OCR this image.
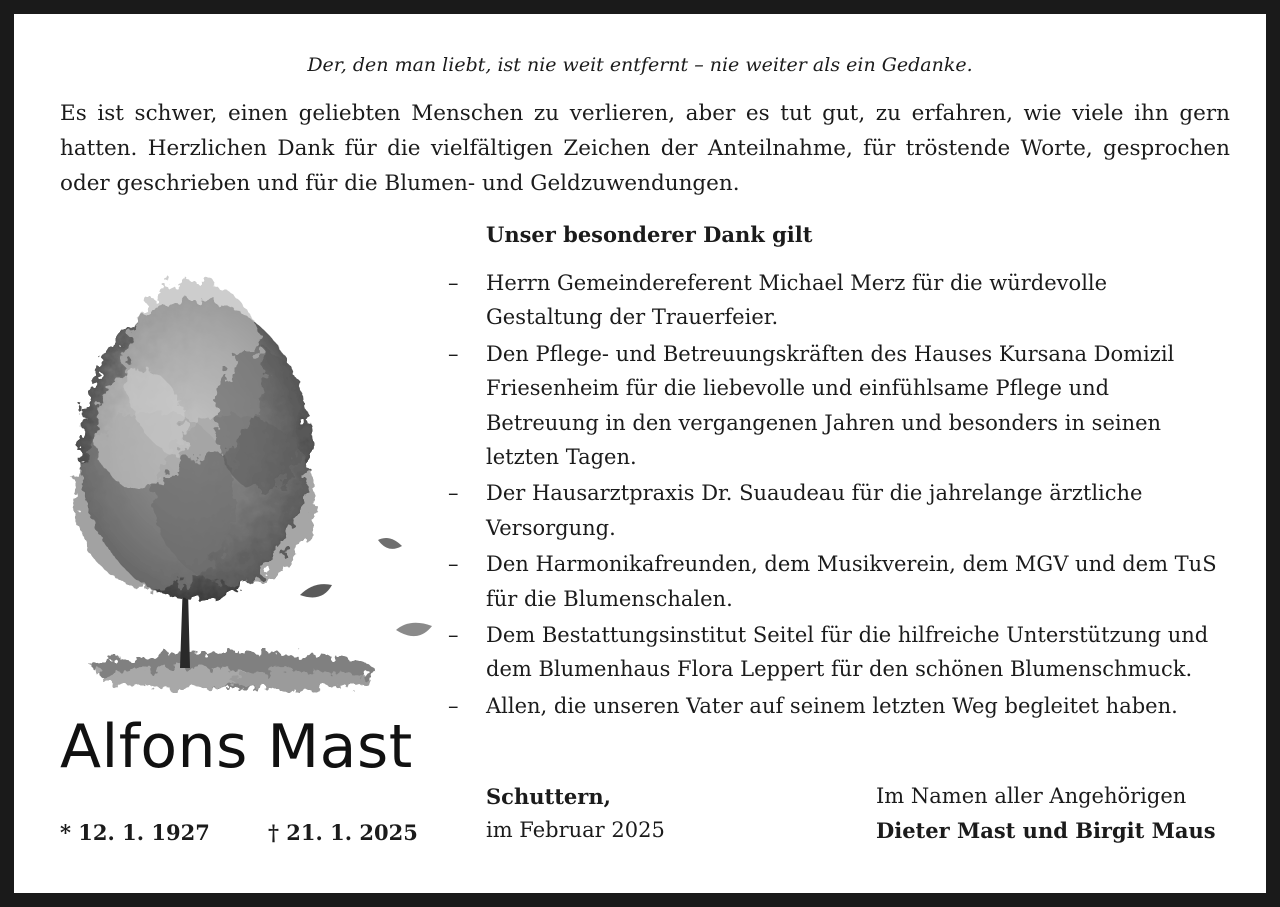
Der, den man liebt, ist nie weit entfernt – nie weiter als ein Gedanke.
Es ist schwer, einen geliebten Menschen zu verlieren, aber es tut gut, zu erfahren, wie viele ihn gern hatten. Herzlichen Dank für die vielfältigen Zeichen der Anteilnahme, für tröstende Worte, gesprochen oder geschrieben und für die Blumen- und Geldzuwendungen.
Alfons Mast
* 12. 1. 1927	† 21. 1. 2025
Unser besonderer Dank gilt
– Herrn Gemeindereferent Michael Merz für die würdevolle Gestaltung der Trauerfeier.
– Den Pflege- und Betreuungskräften des Hauses Kursana Domizil Friesenheim für die liebevolle und einfühlsame Pflege und Betreuung in den vergangenen Jahren und besonders in seinen letzten Tagen.
– Der Hausarztpraxis Dr. Suaudeau für die jahrelange ärztliche Versorgung.
– Den Harmonikafreunden, dem Musikverein, dem MGV und dem TuS für die Blumenschalen.
– Dem Bestattungsinstitut Seitel für die hilfreiche Unterstützung und dem Blumenhaus Flora Leppert für den schönen Blumenschmuck.
– Allen, die unseren Vater auf seinem letzten Weg begleitet haben.
Schuttern,
im Februar 2025
Im Namen aller Angehörigen
Dieter Mast und Birgit Maus
